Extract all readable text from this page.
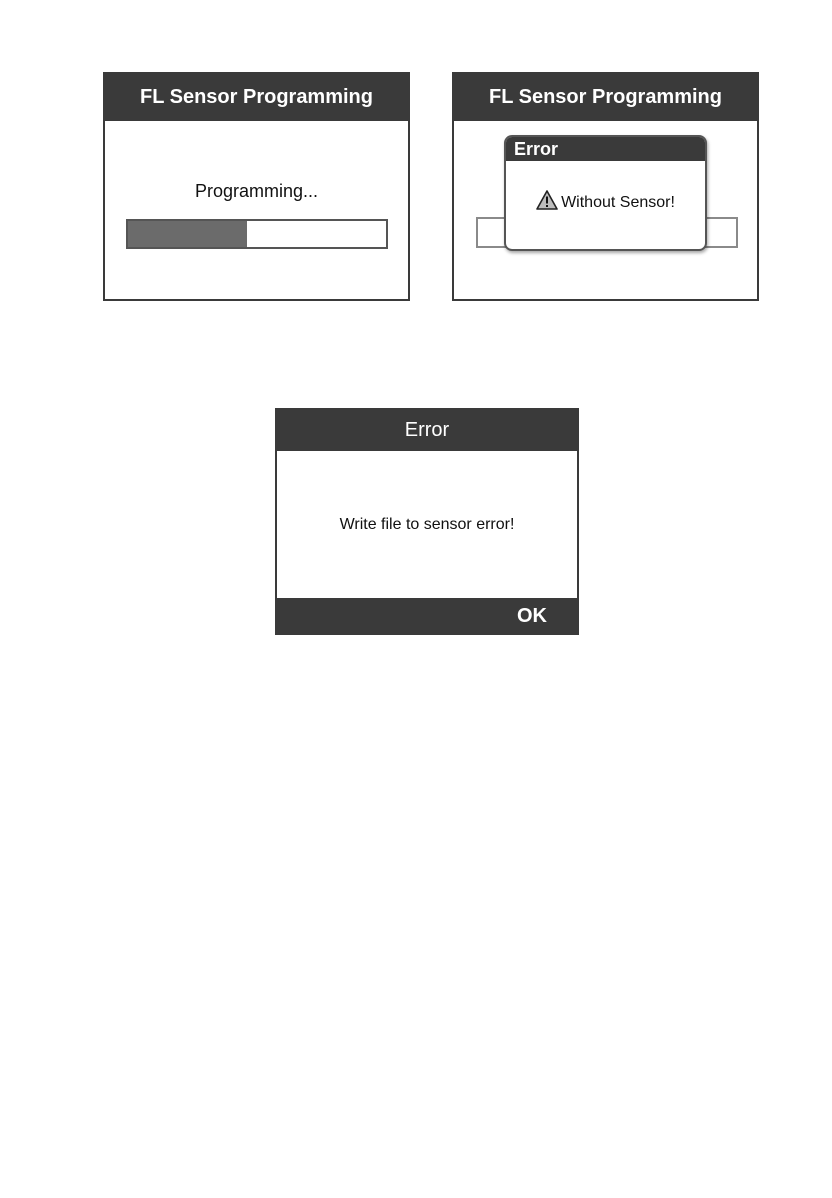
FL Sensor Programming
Programming...
FL Sensor Programming
Error
Without Sensor!
Error
Write file to sensor error!
OK
